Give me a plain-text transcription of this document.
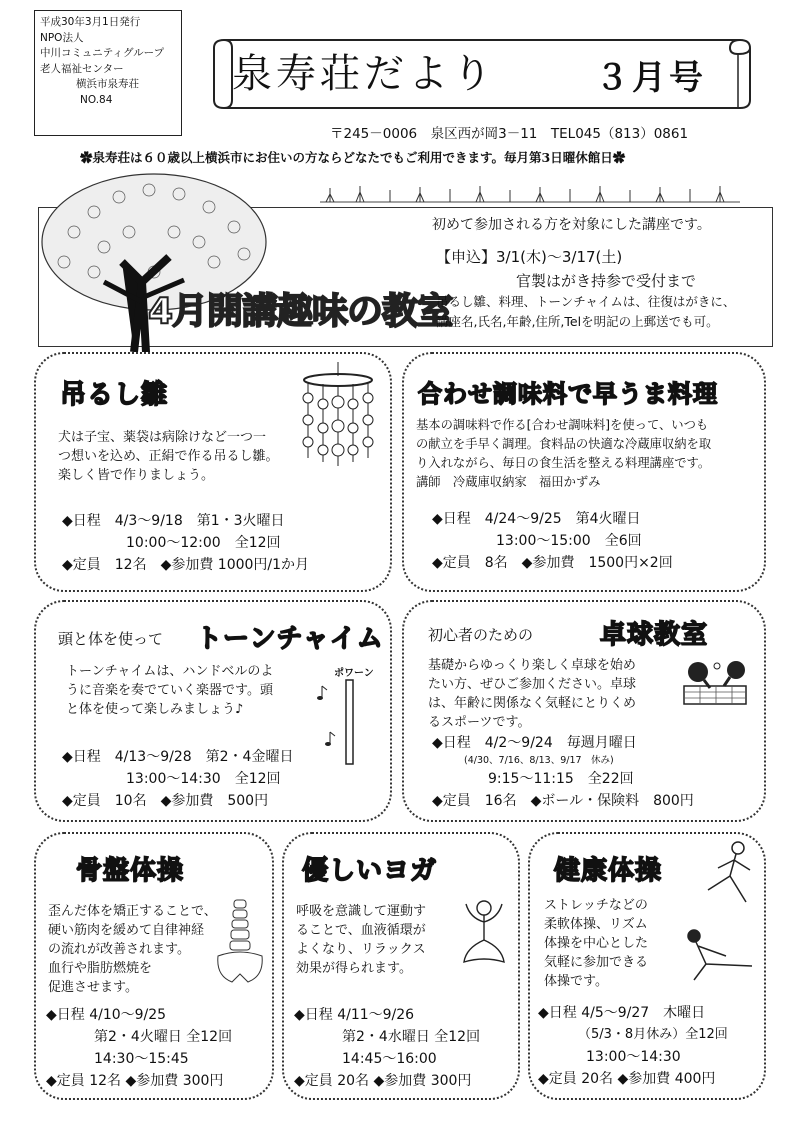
平成30年3月1日発行
NPO法人
中川コミュニティグループ
老人福祉センター
横浜市泉寿荘
NO.84
泉寿荘だより	３月号
〒245－0006　泉区西が岡3－11　TEL045（813）0861
✿泉寿荘は６０歳以上横浜市にお住いの方ならどなたでもご利用できます。毎月第3日曜休館日✿
4月開講趣味の教室
初めて参加される方を対象にした講座です。
【申込】3/1(木)～3/17(土)
官製はがき持参で受付まで
吊るし雛、料理、トーンチャイムは、往復はがきに、
講座名,氏名,年齢,住所,Telを明記の上郵送でも可。
吊るし雛
犬は子宝、薬袋は病除けなど一つ一
つ想いを込め、正絹で作る吊るし雛。
楽しく皆で作りましょう。
◆日程　4/3～9/18　第1・3火曜日
10:00～12:00　全12回
◆定員　12名　◆参加費 1000円/1か月
合わせ調味料で早うま料理
基本の調味料で作る[合わせ調味料]を使って、いつも
の献立を手早く調理。食料品の快適な冷蔵庫収納を取
り入れながら、毎日の食生活を整える料理講座です。
講師　冷蔵庫収納家　福田かずみ
◆日程　4/24～9/25　第4火曜日
13:00～15:00　全6回
◆定員　8名　◆参加費　1500円×2回
頭と体を使って トーンチャイム
トーンチャイムは、ハンドベルのよ
うに音楽を奏でていく楽器です。頭
と体を使って楽しみましょう♪
ポワーン
◆日程　4/13～9/28　第2・4金曜日
13:00～14:30　全12回
◆定員　10名　◆参加費　500円
初心者のための	卓球教室
基礎からゆっくり楽しく卓球を始め
たい方、ぜひご参加ください。卓球
は、年齢に関係なく気軽にとりくめ
るスポーツです。
◆日程　4/2～9/24　毎週月曜日
(4/30、7/16、8/13、9/17　休み)
9:15～11:15　全22回
◆定員　16名　◆ボール・保険料　800円
骨盤体操
歪んだ体を矯正することで、
硬い筋肉を緩めて自律神経
の流れが改善されます。
血行や脂肪燃焼を
促進させます。
◆日程 4/10～9/25
第2・4火曜日 全12回
14:30～15:45
◆定員 12名 ◆参加費 300円
優しいヨガ
呼吸を意識して運動す
ることで、血液循環が
よくなり、リラックス
効果が得られます。
◆日程 4/11～9/26
第2・4水曜日 全12回
14:45～16:00
◆定員 20名 ◆参加費 300円
健康体操
ストレッチなどの
柔軟体操、リズム
体操を中心とした
気軽に参加できる
体操です。
◆日程 4/5～9/27　木曜日
（5/3・8月休み）全12回
13:00～14:30
◆定員 20名 ◆参加費 400円
